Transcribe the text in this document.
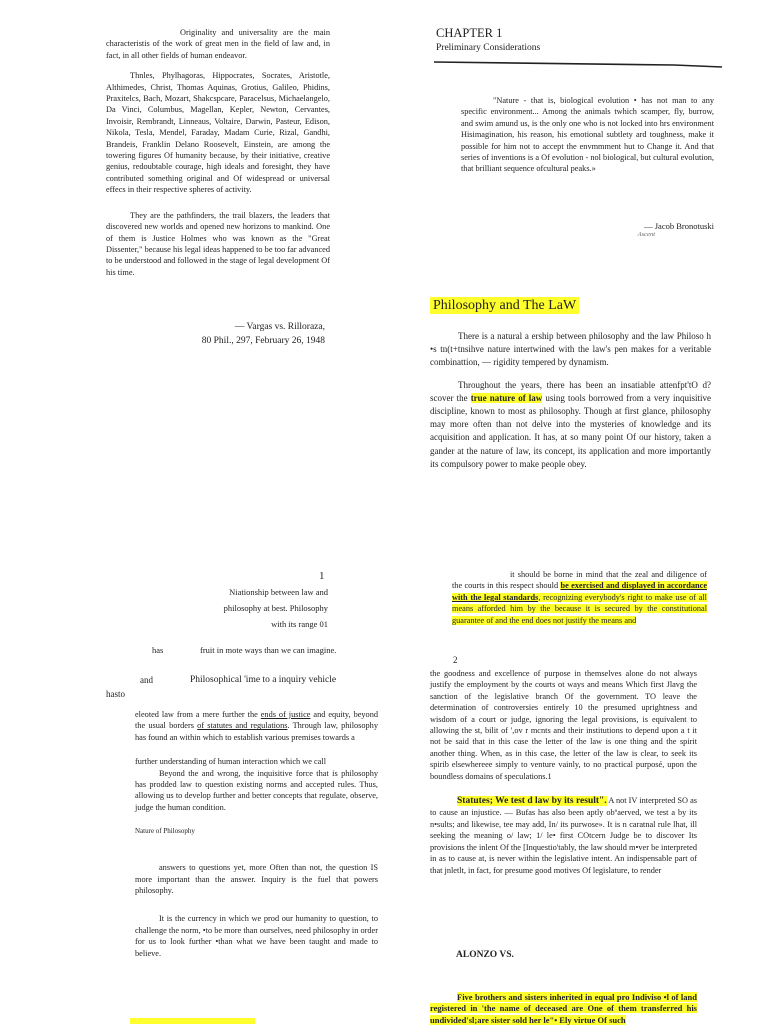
Originality and universality are the main characteristis of the work of great men in the field of law and, in fact, in all other fields of human endeavor.

Thnles, Phylhagoras, Hippocrates, Socrates, Aristotle, Althimedes, Christ, Thomas Aquinas, Grotius, Galileo, Phidins, Praxitelcs, Bach, Mozart, Shakcspcare, Paracelsus, Michaelangelo, Da Vinci, Columbus, Magellan, Kepler, Newton, Cervantes, Invoisir, Rembrandt, Linneaus, Voltaire, Darwin, Pasteur, Edison, Nikola, Tesla, Mendel, Faraday, Madam Curie, Rizal, Gandhi, Brandeis, Franklin Delano Roosevelt, Einstein, are among the towering figures Of humanity because, by their initiative, creative genius, redoubtable courage, high ideals and foresight, they have contributed something original and Of widespread or universal effecs in their respective spheres of activity.

They are the pathfinders, the trail blazers, the leaders that discovered new worlds and opened new horizons to mankind. One of them is Justice Holmes who was known as the "Great Dissenter," because his legal ideas happened to be too far advanced to be understood and followed in the stage of legal development Of his time.

— Vargas vs. Rilloraza,
80 Phil., 297, February 26, 1948
CHAPTER 1
Preliminary Considerations

"Nature - that is, biological evolution • has not man to any specific environment... Among the animals twhich scamper, fly, burrow, and swim amund us, is the only one who is not locked into hrs environment Hisimagination, his reason, his emotional subtlety ard toughness, make it possible for him not to accept the envmmment hut to Change it. And that series of inventions is a Of evolution - nol biological, but cultural evolution, that brilliant sequence ofcultural peaks.»

— Jacob Bronotuski
Ascent
Philosophy and The LaW

There is a natural a ership between philosophy and the law Philoso h •s tn(t+tnsihve nature intertwined with the law's pen makes for a veritable combinattion, — rigidity tempered by dynamism.

Throughout the years, there has been an insatiable attenfpt'tO d?scover the true nature of law using tools borrowed from a very inquisitive discipline, known to most as philosophy. Though at first glance, philosophy may more often than not delve into the mysteries of knowledge and its acquisition and application. It has, at so many point Of our history, taken a gander at the nature of law, its concept, its application and more importantly its compulsory power to make people obey.

1
Niationship between law and
philosophy at best. Philosophy
with its range 01
has	fruit in mote ways than we can imagine.
and	Philosophical 'ime to a inquiry vehicle
hasto

eleoted law from a mere further the ends of justice and equity, beyond the usual borders of statutes and regulations. Through law, philosophy has found an within which to establish various premises towards a

further understanding of human interaction which we call

Beyond the and wrong, the inquisitive force that is philosophy has prodded law to question existing norms and accepted rules. Thus, allowing us to develop further and better concepts that regulate, observe, judge the human condition.

Nature of Philosophy

answers to questions yet, more Often than not, the question IS more important than the answer. Inquiry is the fuel that powers philosophy.

It is the currency in which we prod our humanity to question, to challenge the norm, •to be more than ourselves, need philosophy in order for us to look further •than what we have been taught and made to believe.

it should be borne in mind that the zeal and diligence of the courts in this respect should be exercised and displayed in accordance with the legal standards, recognizing everybody's right to make use of all means afforded him by the because it is secured by the constitutional guarantee of and the end does not justify the means and

2

the goodness and excellence of purpose in themselves alone do not always justify the employment by the courts ot ways and means Which first Jlavg the sanction of the legislative branch Of the government. TO leave the determination of controversies entirely 10 the presumed uprightness and wisdom of a court or judge, ignoring the legal provisions, is equivalent to allowing the st, bilit of ',ov r mcnts and their institutions to depend upon a t it not be said that in this case the letter of the law is one thing and the spirit another thing. When, as in this case, the letter of the law is clear, to seek its spirib elsewhereee simply to venture vainly, to no practical purposé, upon the boundless domains of speculations.1

Statutes; We test d law by its result". A not IV interpreted SO as to cause an injustice. — Bufas has also been aptly obºaerved, we test a by its n•sults; and likewise, tee may add, In/ its purwose». It is n caratnal rule lhat, ill seeking the meaning o/ law; 1/ le• first COtcern Judge be to discover Its provisions the inlent Of the [Inquestio'tably, the law should m•ver be interpreted in as to cause at, is never within the legislative intent. An indispensable part of that jnletlt, in fact, for presume good motives Of legislature, to render

ALONZO VS.

Five brothers and sisters inherited in equal pro Indiviso •l of land registered in 'the name of deceased are One of them transferred his undivided'sl;are sister sold her le"• Ely virtue Of such
